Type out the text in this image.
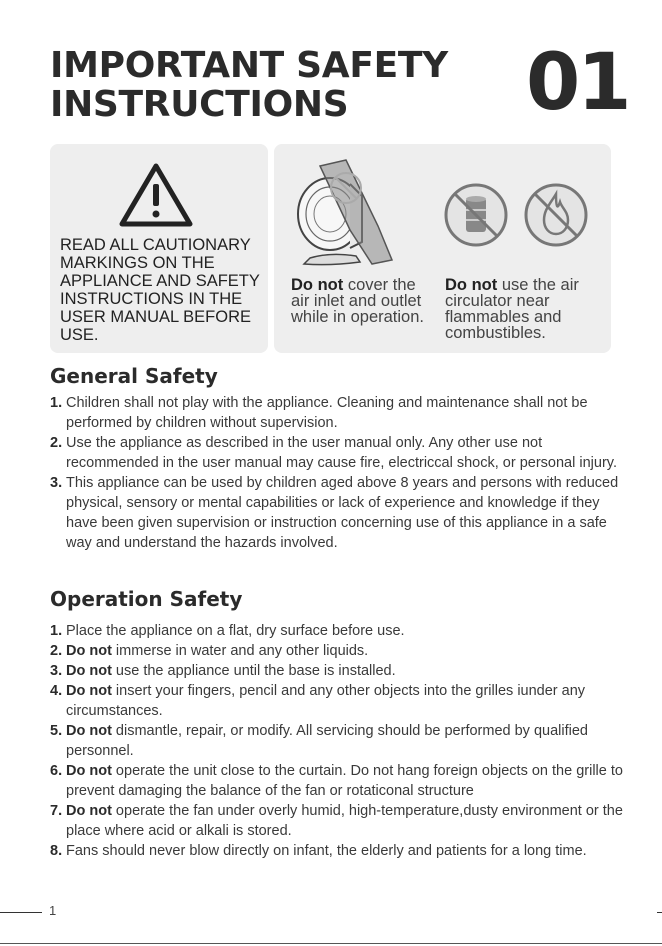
IMPORTANT SAFETY
INSTRUCTIONS	01
READ ALL CAUTIONARY MARKINGS ON THE APPLIANCE AND SAFETY INSTRUCTIONS IN THE USER MANUAL BEFORE USE.
Do not cover the air inlet and outlet while in operation.
Do not use the air circulator near flammables and combustibles.
General Safety
1. Children shall not play with the appliance. Cleaning and maintenance shall not be performed by children without supervision.
2. Use the appliance as described in the user manual only. Any other use not recommended in the user manual may cause fire, electriccal shock, or personal injury.
3. This appliance can be used by children aged above 8 years and persons with reduced physical, sensory or mental capabilities or lack of experience and knowledge if they have been given supervision or instruction concerning use of this appliance in a safe way and understand the hazards involved.
Operation Safety
1. Place the appliance on a flat, dry surface before use.
2. Do not immerse in water and any other liquids.
3. Do not use the appliance until the base is installed.
4. Do not insert your fingers, pencil and any other objects into the grilles iunder any circumstances.
5. Do not dismantle, repair, or modify. All servicing should be performed by qualified personnel.
6. Do not operate the unit close to the curtain. Do not hang foreign objects on the grille to prevent damaging the balance of the fan or rotaticonal structure
7. Do not operate the fan under overly humid, high-temperature,dusty environment or the place where acid or alkali is stored.
8. Fans should never blow directly on infant, the elderly and patients for a long time.
1
